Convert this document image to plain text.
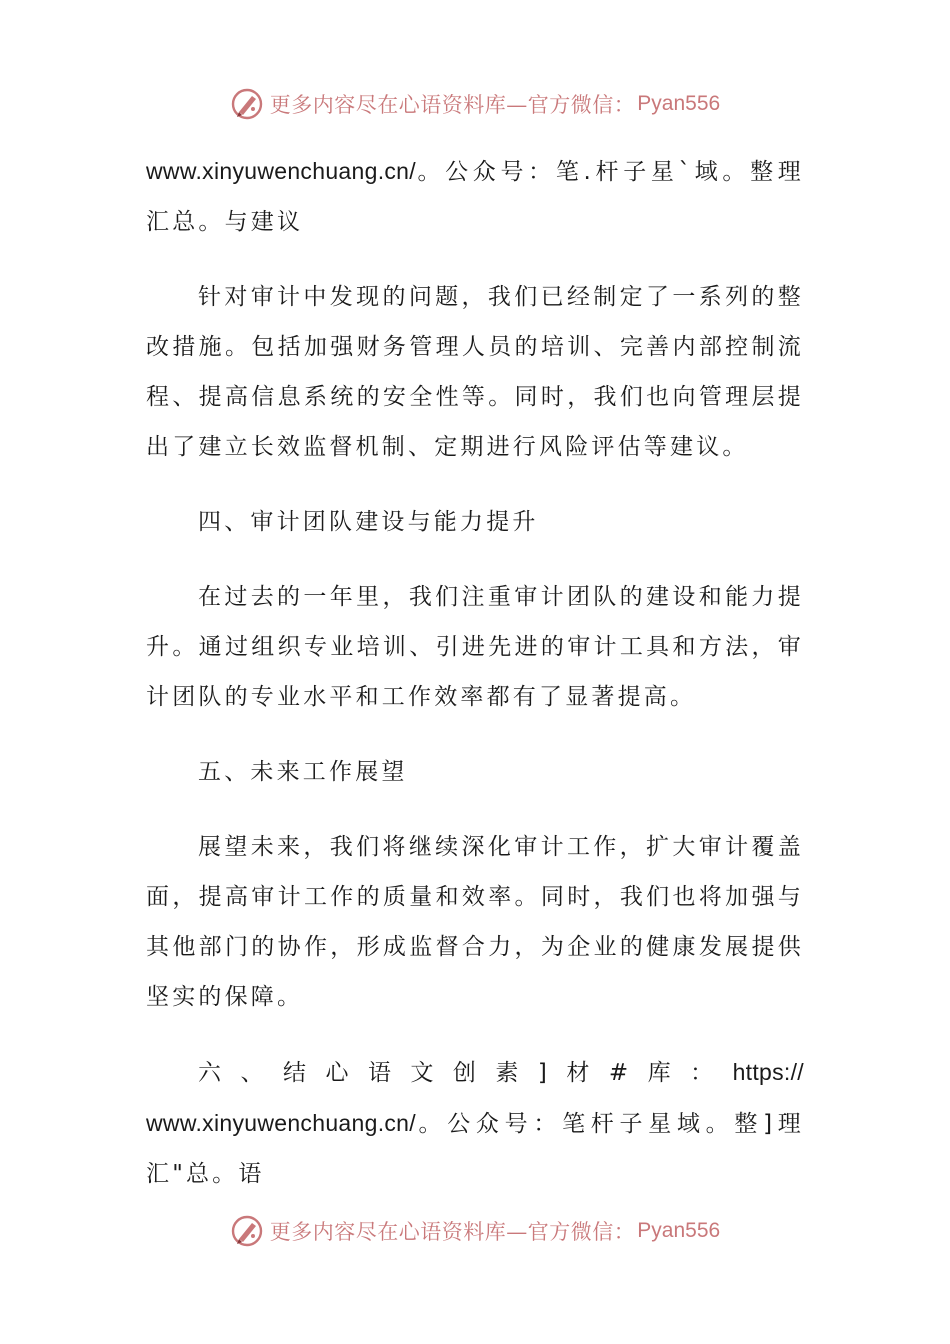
更多内容尽在心语资料库—官方微信： Pyan556

www.xinyuwenchuang.cn/。公众号：笔.杆子星`域。整理汇总。与建议

针对审计中发现的问题，我们已经制定了一系列的整改措施。包括加强财务管理人员的培训、完善内部控制流程、提高信息系统的安全性等。同时，我们也向管理层提出了建立长效监督机制、定期进行风险评估等建议。

四、审计团队建设与能力提升

在过去的一年里，我们注重审计团队的建设和能力提升。通过组织专业培训、引进先进的审计工具和方法，审计团队的专业水平和工作效率都有了显著提高。

五、未来工作展望

展望未来，我们将继续深化审计工作，扩大审计覆盖面，提高审计工作的质量和效率。同时，我们也将加强与其他部门的协作，形成监督合力，为企业的健康发展提供坚实的保障。

六、结心语文创素]材#库：https://

www.xinyuwenchuang.cn/。公众号：笔杆子星域。整]理汇"总。语

更多内容尽在心语资料库—官方微信： Pyan556
